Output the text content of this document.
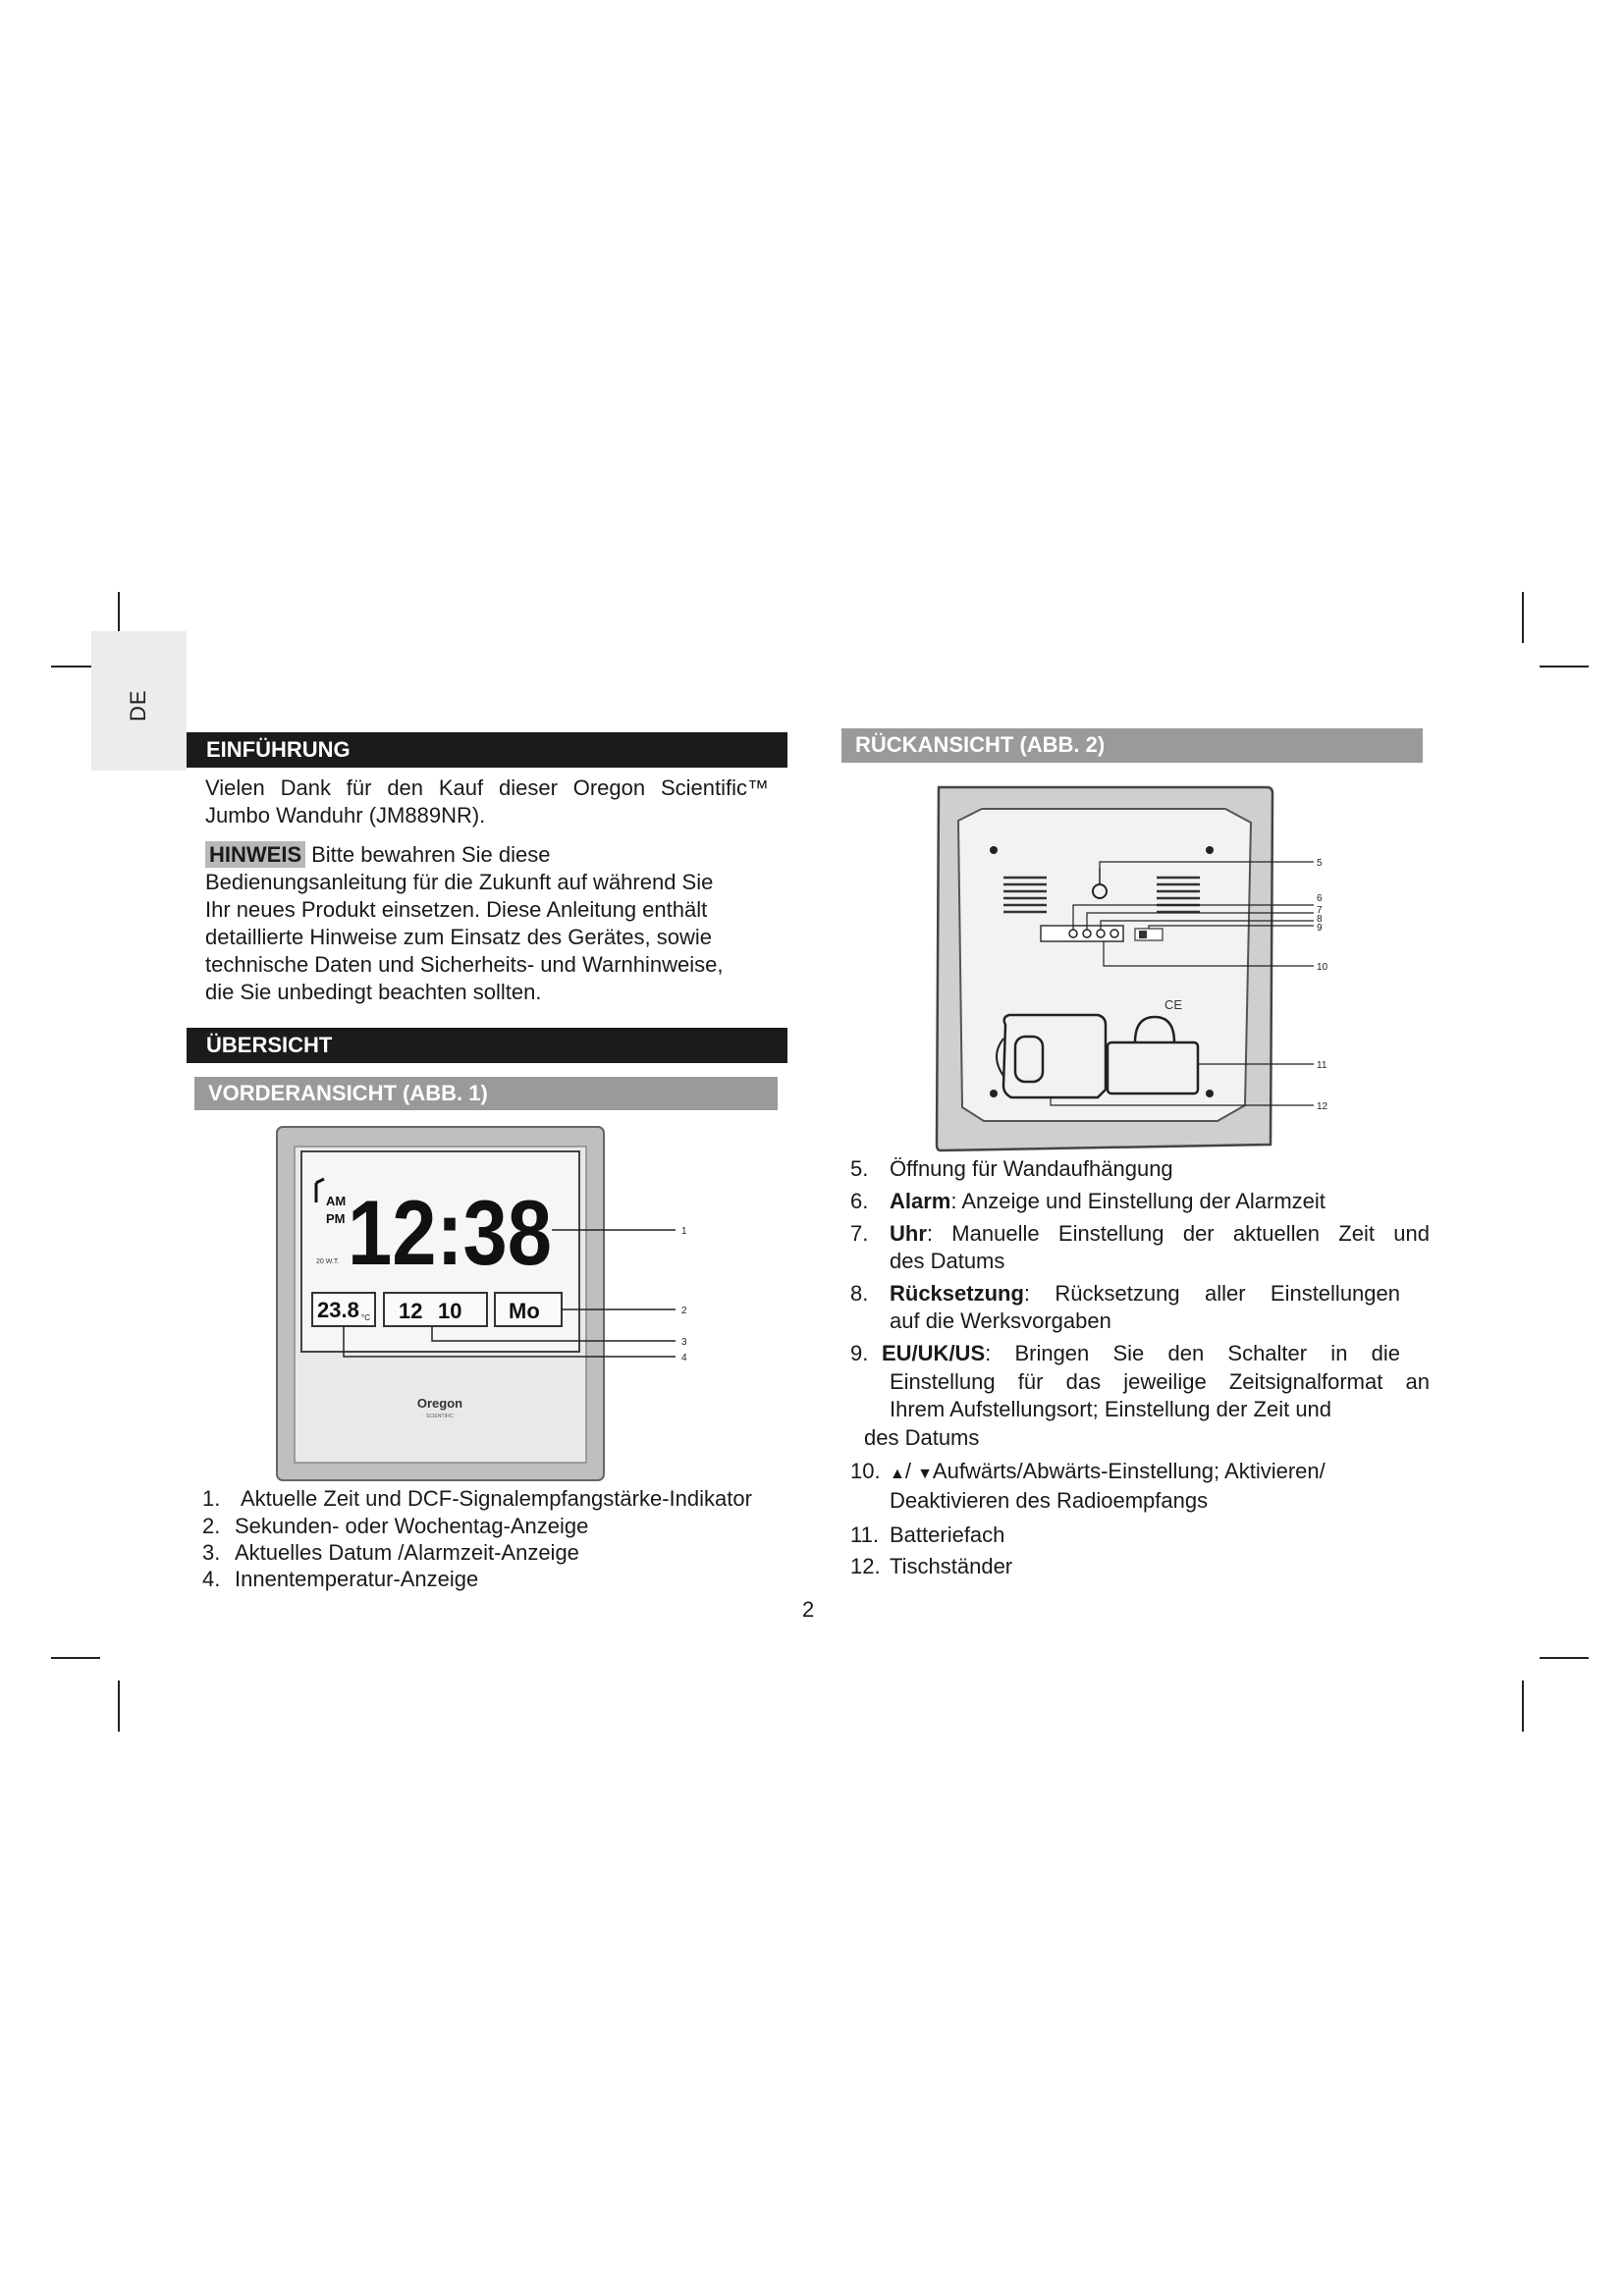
DE
EINFÜHRUNG
Vielen Dank für den Kauf dieser Oregon Scientific™
Jumbo Wanduhr (JM889NR).
HINWEIS Bitte bewahren Sie diese
Bedienungsanleitung für die Zukunft auf während Sie
Ihr neues Produkt einsetzen. Diese Anleitung enthält
detaillierte Hinweise zum Einsatz des Gerätes, sowie
technische Daten und Sicherheits- und Warnhinweise,
die Sie unbedingt beachten sollten.
ÜBERSICHT
VORDERANSICHT (ABB. 1)
AM
PM 12:38
20 W.T.
23.8 °C 12 10 Mo
Oregon
SCIENTIFIC
1
2
3
4
1. Aktuelle Zeit und DCF-Signalempfangstärke-Indikator
2. Sekunden- oder Wochentag-Anzeige
3. Aktuelles Datum /Alarmzeit-Anzeige
4. Innentemperatur-Anzeige
RÜCKANSICHT (ABB. 2)
CE
5
6
7
8
9
10
11
12
5. Öffnung für Wandaufhängung
6. Alarm: Anzeige und Einstellung der Alarmzeit
7. Uhr: Manuelle Einstellung der aktuellen Zeit und
des Datums
8. Rücksetzung: Rücksetzung aller Einstellungen
auf die Werksvorgaben
9. EU/UK/US: Bringen Sie den Schalter in die
Einstellung für das jeweilige Zeitsignalformat an
Ihrem Aufstellungsort; Einstellung der Zeit und
des Datums
10. ▲/ ▼Aufwärts/Abwärts-Einstellung; Aktivieren/
Deaktivieren des Radioempfangs
11. Batteriefach
12. Tischständer
2
